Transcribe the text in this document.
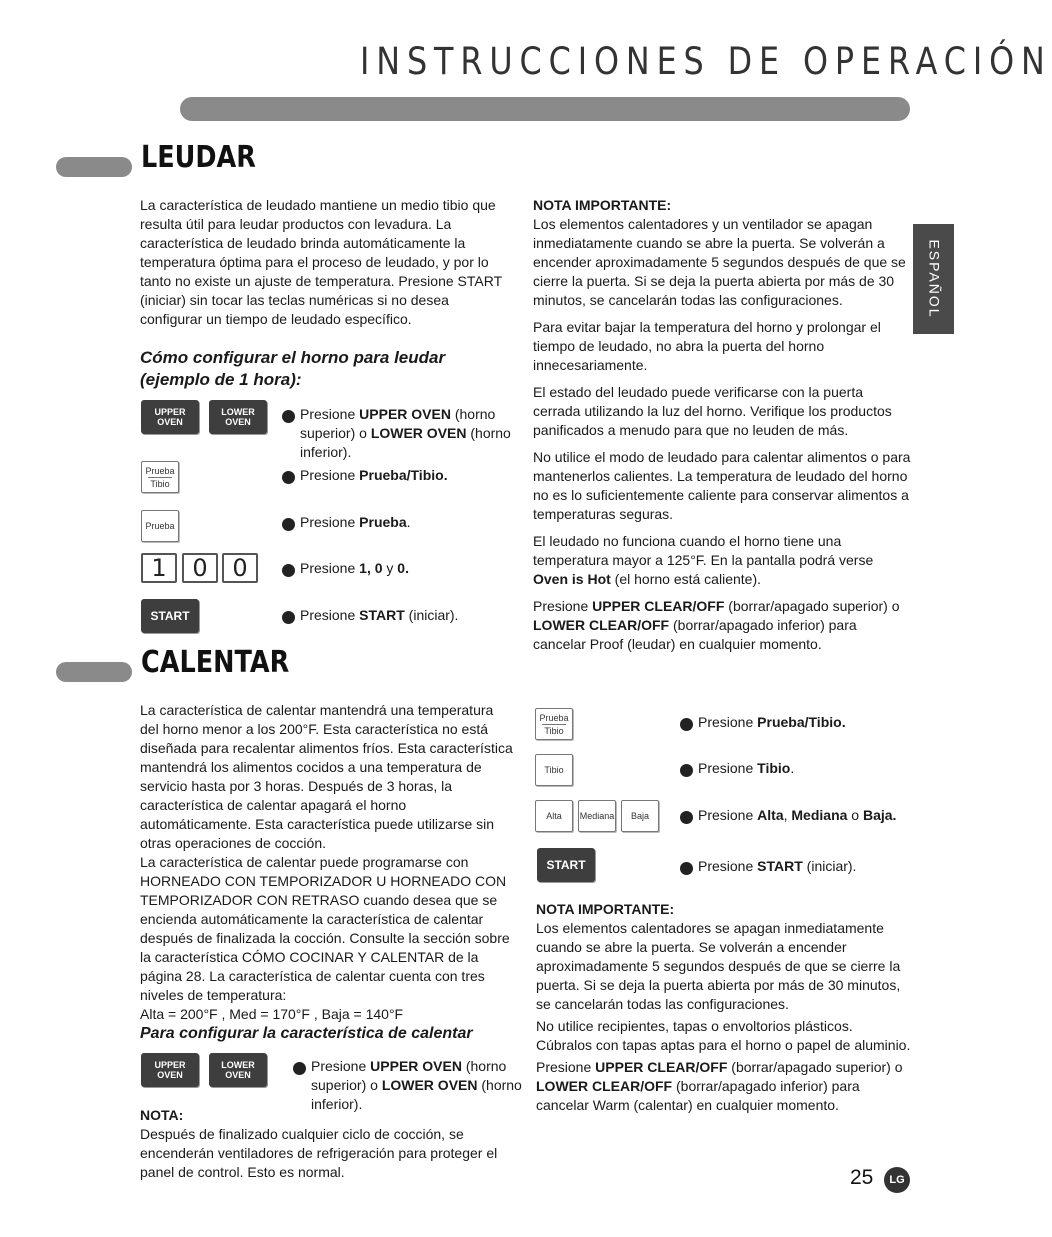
INSTRUCCIONES DE OPERACIÓN
ESPAÑOL
LEUDAR
La característica de leudado mantiene un medio tibio que resulta útil para leudar productos con levadura. La característica de leudado brinda automáticamente la temperatura óptima para el proceso de leudado, y por lo tanto no existe un ajuste de temperatura. Presione START (iniciar) sin tocar las teclas numéricas si no desea configurar un tiempo de leudado específico.
Cómo configurar el horno para leudar (ejemplo de 1 hora):
UPPER
OVEN
LOWER
OVEN
Prueba
Tibio
Prueba
1	0	0
START
1 Presione UPPER OVEN (horno superior) o LOWER OVEN (horno inferior).
2 Presione Prueba/Tibio.
3 Presione Prueba.
4 Presione 1, 0 y 0.
5 Presione START (iniciar).
NOTA IMPORTANTE:
Los elementos calentadores y un ventilador se apagan inmediatamente cuando se abre la puerta. Se volverán a encender aproximadamente 5 segundos después de que se cierre la puerta. Si se deja la puerta abierta por más de 30 minutos, se cancelarán todas las configuraciones.
Para evitar bajar la temperatura del horno y prolongar el tiempo de leudado, no abra la puerta del horno innecesariamente.
El estado del leudado puede verificarse con la puerta cerrada utilizando la luz del horno. Verifique los productos panificados a menudo para que no leuden de más.
No utilice el modo de leudado para calentar alimentos o para mantenerlos calientes. La temperatura de leudado del horno no es lo suficientemente caliente para conservar alimentos a temperaturas seguras.
El leudado no funciona cuando el horno tiene una temperatura mayor a 125°F. En la pantalla podrá verse Oven is Hot (el horno está caliente).
Presione UPPER CLEAR/OFF (borrar/apagado superior) o LOWER CLEAR/OFF (borrar/apagado inferior) para cancelar Proof (leudar) en cualquier momento.
CALENTAR
La característica de calentar mantendrá una temperatura del horno menor a los 200°F. Esta característica no está diseñada para recalentar alimentos fríos. Esta característica mantendrá los alimentos cocidos a una temperatura de servicio hasta por 3 horas. Después de 3 horas, la característica de calentar apagará el horno automáticamente. Esta característica puede utilizarse sin otras operaciones de cocción.
La característica de calentar puede programarse con HORNEADO CON TEMPORIZADOR U HORNEADO CON TEMPORIZADOR CON RETRASO cuando desea que se encienda automáticamente la característica de calentar después de finalizada la cocción. Consulte la sección sobre la característica CÓMO COCINAR Y CALENTAR de la página 28. La característica de calentar cuenta con tres niveles de temperatura:
Alta = 200°F , Med = 170°F , Baja = 140°F
Para configurar la característica de calentar
UPPER
OVEN
LOWER
OVEN
1 Presione UPPER OVEN (horno superior) o LOWER OVEN (horno inferior).
NOTA:
Después de finalizado cualquier ciclo de cocción, se encenderán ventiladores de refrigeración para proteger el panel de control. Esto es normal.
Prueba
Tibio
Tibio
Alta	Mediana	Baja
START
2 Presione Prueba/Tibio.
3 Presione Tibio.
4 Presione Alta, Mediana o Baja.
5 Presione START (iniciar).
NOTA IMPORTANTE:
Los elementos calentadores se apagan inmediatamente cuando se abre la puerta. Se volverán a encender aproximadamente 5 segundos después de que se cierre la puerta. Si se deja la puerta abierta por más de 30 minutos, se cancelarán todas las configuraciones.
No utilice recipientes, tapas o envoltorios plásticos. Cúbralos con tapas aptas para el horno o papel de aluminio.
Presione UPPER CLEAR/OFF (borrar/apagado superior) o LOWER CLEAR/OFF (borrar/apagado inferior) para cancelar Warm (calentar) en cualquier momento.
25	LG
